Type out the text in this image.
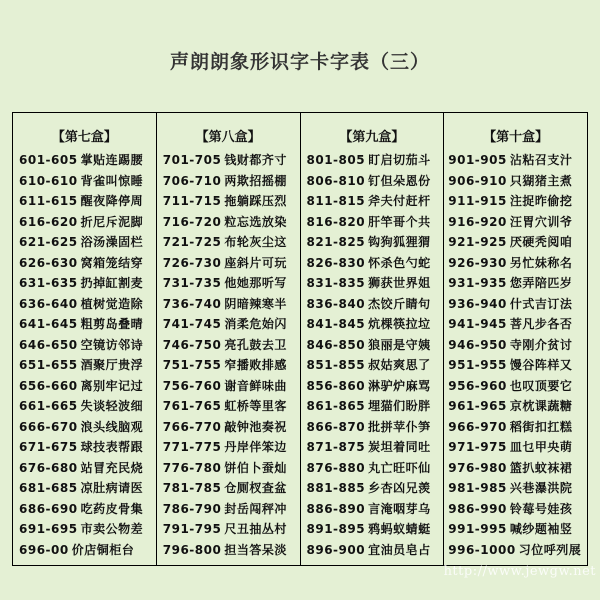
声朗朗象形识字卡字表（三）
【第七盒】
601-605 掌贴连踢腰
610-610 背雀叫惊睡
611-615 醒夜降停周
616-620 折尼斥泥脚
621-625 浴汤澡固栏
626-630 窝箱笼结穿
631-635 扔掉缸割麦
636-640 植树觉造除
641-645 粗剪岛叠晴
646-650 空镜访邻诗
651-655 酒聚厅贵浮
656-660 离别牢记过
661-665 失谈轻波细
666-670 浪头线脑观
671-675 球技表帮跟
676-680 站冒充民烧
681-685 凉肚病请医
686-690 吃药皮骨集
691-695 市卖公物差
696-00 价店铜柜台
【第八盒】
701-705 钱财都齐寸
706-710 两欺招摇棚
711-715 拖躺踩压烈
716-720 粒忘选放染
721-725 布轮灰尘这
726-730 座斜片可玩
731-735 他她那听写
736-740 阴暗辣寒半
741-745 消柔危始闪
746-750 亮孔鼓去卫
751-755 窄播败排感
756-760 谢音鲜味曲
761-765 虹桥等里客
766-770 敲钟池奏祝
771-775 丹岸伴笨边
776-780 饼伯卜蚕灿
781-785 仓厕杈查盆
786-790 封岳闯秤冲
791-795 尺丑抽丛村
796-800 担当答呆淡
【第九盒】
801-805 盯启切茄斗
806-810 钉但朵恩份
811-815 斧夫付赶杆
816-820 肝竿哥个共
821-825 钩狗狐狸猬
826-830 怀杀色勺蛇
831-835 狮获世界姐
836-840 杰饺斤睛句
841-845 炕棵筷拉垃
846-850 狼丽是守姨
851-855 叔姑爽思了
856-860 淋驴炉麻骂
861-865 埋猫们盼胖
866-870 批拼苹仆笋
871-875 炭坦着同吐
876-880 丸亡旺吓仙
881-885 乡杏凶兄羡
886-890 言淹咽芽乌
891-895 鸦蚂蚁蜻蜓
896-900 宜油员皂占
【第十盒】
901-905 沾粘召支汁
906-910 只猢猪主煮
911-915 注捉昨偷挖
916-920 汪胃穴训爷
921-925 厌硬秃阅咱
926-930 另忙妹称名
931-935 您弄陪匹岁
936-940 什式吉订法
941-945 菩凡步各否
946-950 寺刚介贫讨
951-955 馒谷阵样又
956-960 也叹顶要它
961-965 京枕课蔬糖
966-970 稻街扣扛糕
971-975 皿乜甲央萌
976-980 篮扒蚊袜裙
981-985 兴巷瀑洪院
986-990 铃莓号娃孩
991-995 喊纱题袖竖
996-1000 习位呼列展
http://www.jewgw.net
